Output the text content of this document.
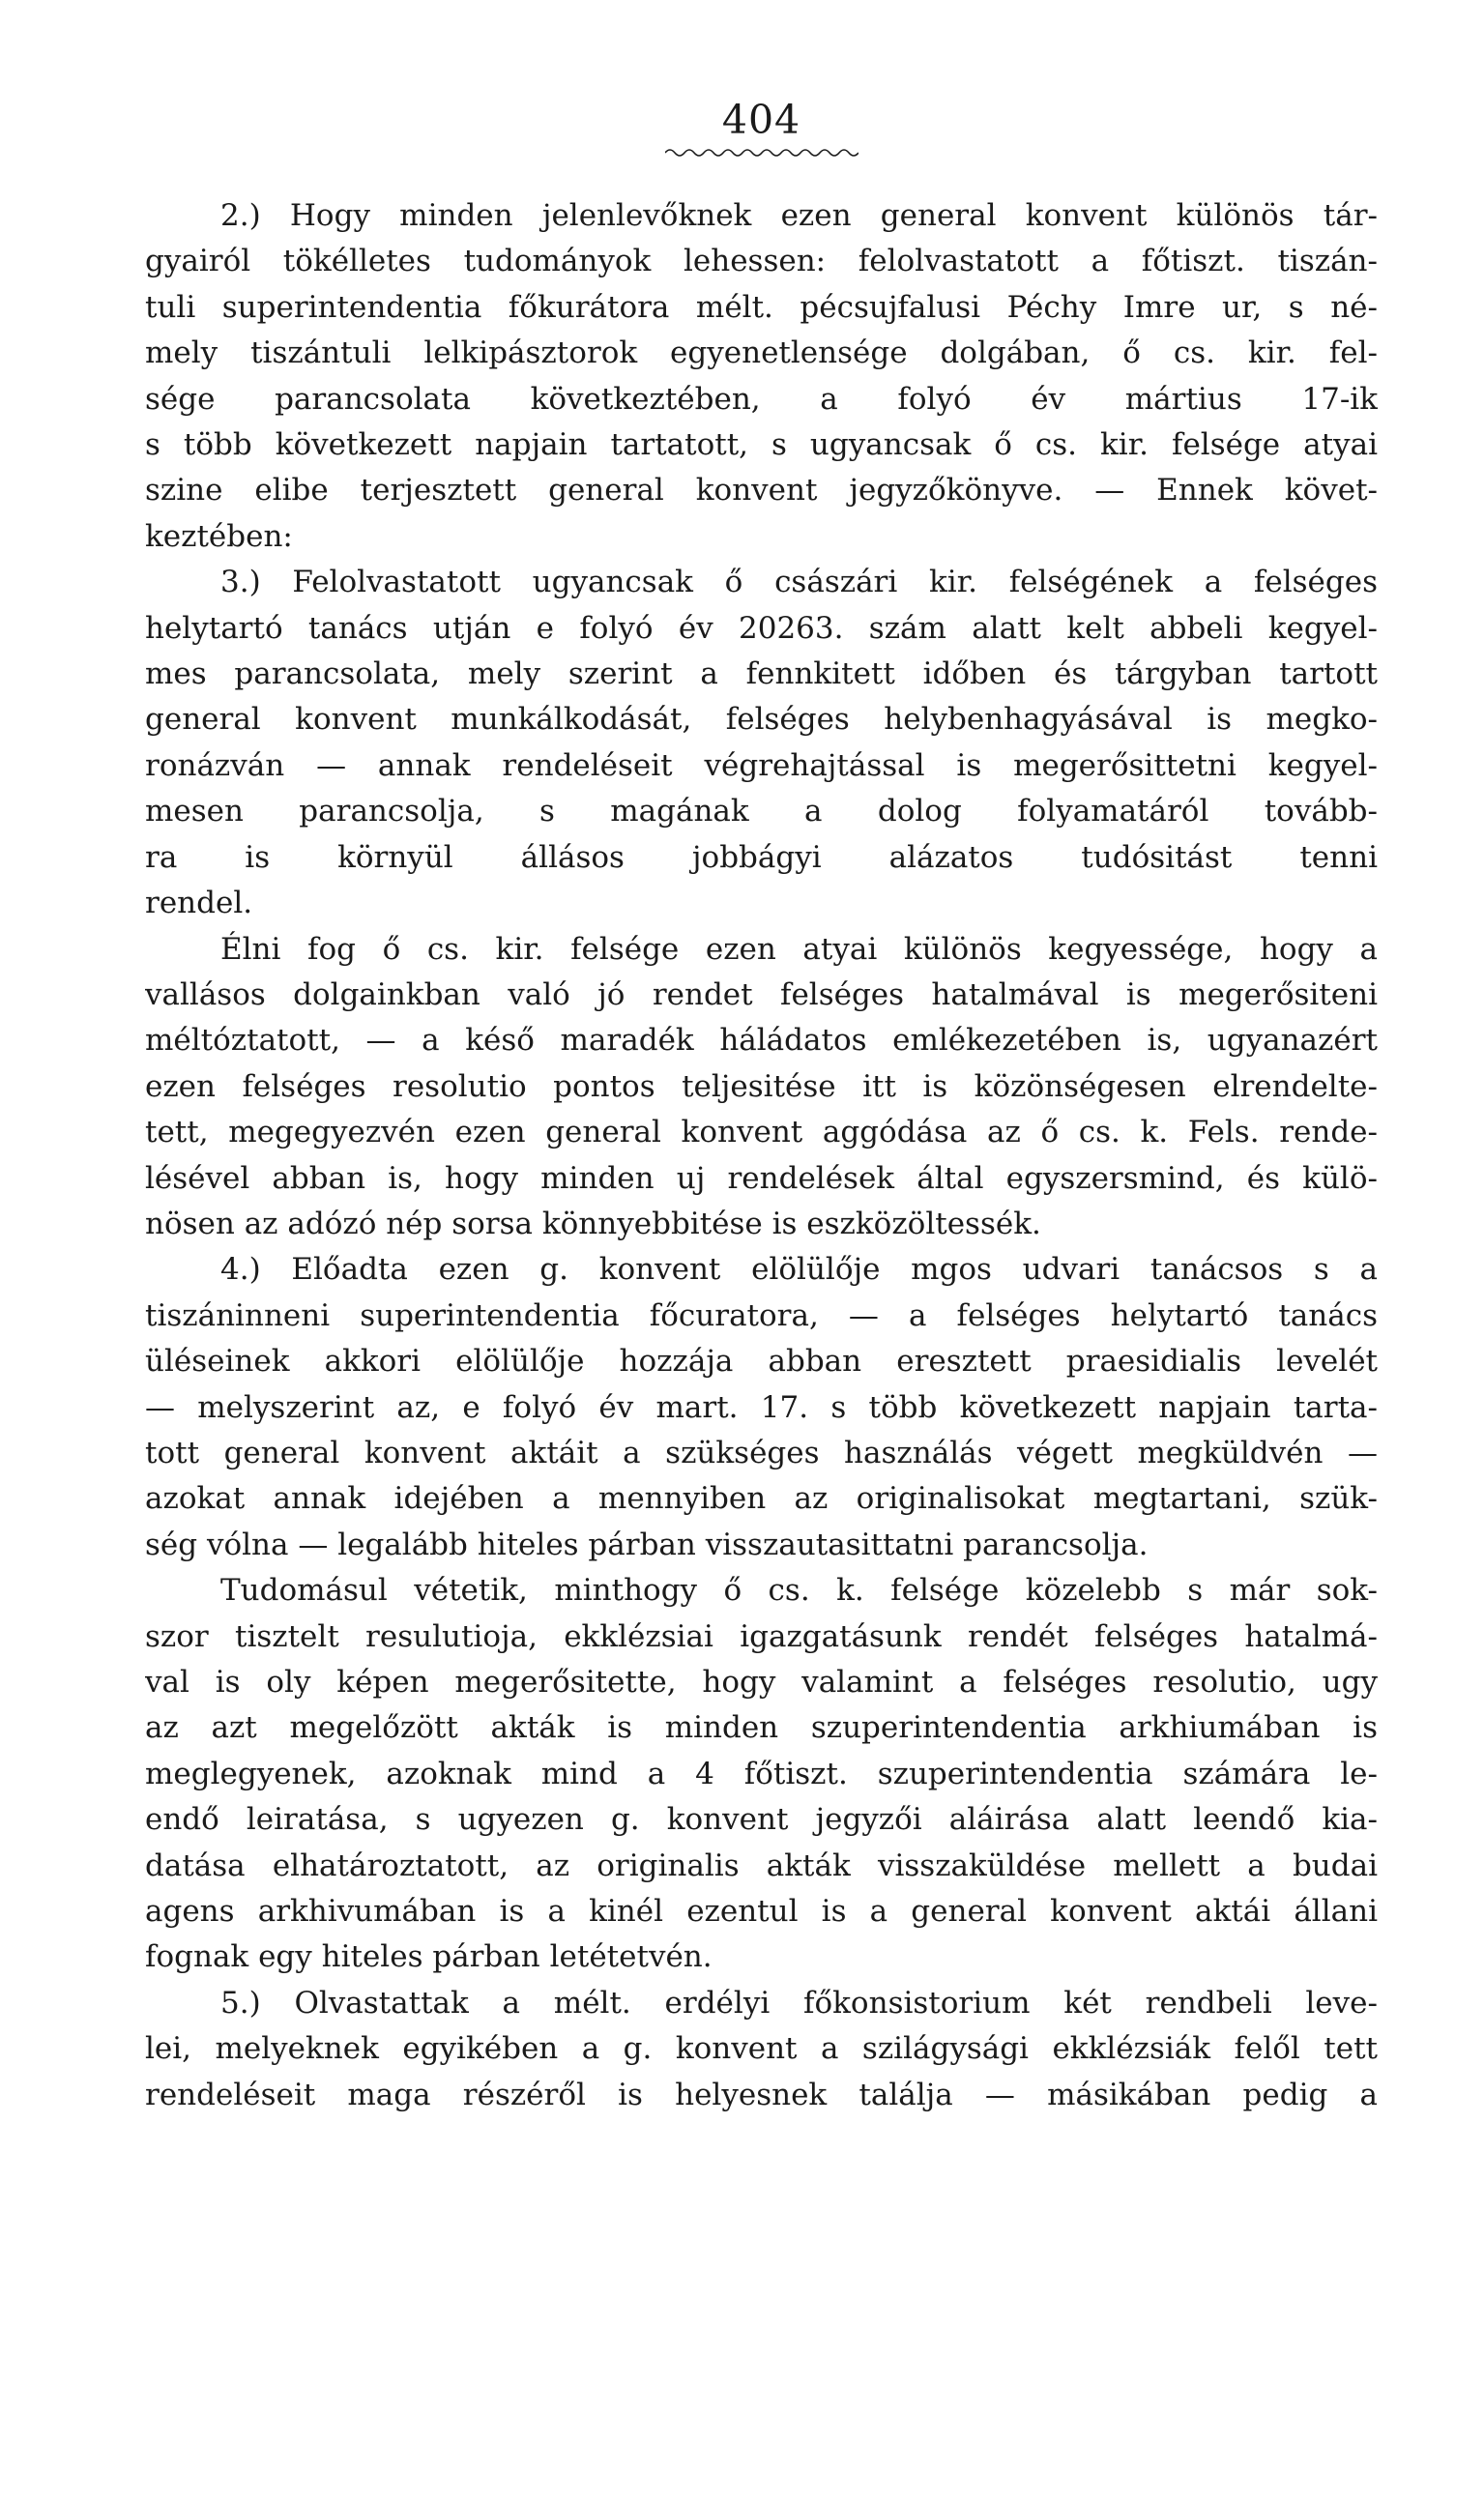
404
2.) Hogy minden jelenlevőknek ezen general konvent különös tár-
gyairól tökélletes tudományok lehessen: felolvastatott a főtiszt. tiszán-
tuli superintendentia főkurátora mélt. pécsujfalusi Péchy Imre ur, s né-
mely tiszántuli lelkipásztorok egyenetlensége dolgában, ő cs. kir. fel-
sége parancsolata következtében, a folyó év mártius 17-ik
s több következett napjain tartatott, s ugyancsak ő cs. kir. felsége atyai
szine elibe terjesztett general konvent jegyzőkönyve. — Ennek követ-
keztében:
3.) Felolvastatott ugyancsak ő császári kir. felségének a felséges
helytartó tanács utján e folyó év 20263. szám alatt kelt abbeli kegyel-
mes parancsolata, mely szerint a fennkitett időben és tárgyban tartott
general konvent munkálkodását, felséges helybenhagyásával is megko-
ronázván — annak rendeléseit végrehajtással is megerősittetni kegyel-
mesen parancsolja, s magának a dolog folyamatáról tovább-
ra is környül állásos jobbágyi alázatos tudósitást tenni
rendel.
Élni fog ő cs. kir. felsége ezen atyai különös kegyessége, hogy a
vallásos dolgainkban való jó rendet felséges hatalmával is megerősiteni
méltóztatott, — a késő maradék háládatos emlékezetében is, ugyanazért
ezen felséges resolutio pontos teljesitése itt is közönségesen elrendelte-
tett, megegyezvén ezen general konvent aggódása az ő cs. k. Fels. rende-
lésével abban is, hogy minden uj rendelések által egyszersmind, és külö-
nösen az adózó nép sorsa könnyebbitése is eszközöltessék.
4.) Előadta ezen g. konvent elölülője mgos udvari tanácsos s a
tiszáninneni superintendentia főcuratora, — a felséges helytartó tanács
üléseinek akkori elölülője hozzája abban eresztett praesidialis levelét
— melyszerint az, e folyó év mart. 17. s több következett napjain tarta-
tott general konvent aktáit a szükséges használás végett megküldvén —
azokat annak idejében a mennyiben az originalisokat megtartani, szük-
ség vólna — legalább hiteles párban visszautasittatni parancsolja.
Tudomásul vétetik, minthogy ő cs. k. felsége közelebb s már sok-
szor tisztelt resulutioja, ekklézsiai igazgatásunk rendét felséges hatalmá-
val is oly képen megerősitette, hogy valamint a felséges resolutio, ugy
az azt megelőzött akták is minden szuperintendentia arkhiumában is
meglegyenek, azoknak mind a 4 főtiszt. szuperintendentia számára le-
endő leiratása, s ugyezen g. konvent jegyzői aláirása alatt leendő kia-
datása elhatároztatott, az originalis akták visszaküldése mellett a budai
agens arkhivumában is a kinél ezentul is a general konvent aktái állani
fognak egy hiteles párban letétetvén.
5.) Olvastattak a mélt. erdélyi főkonsistorium két rendbeli leve-
lei, melyeknek egyikében a g. konvent a szilágysági ekklézsiák felől tett
rendeléseit maga részéről is helyesnek találja — másikában pedig a
